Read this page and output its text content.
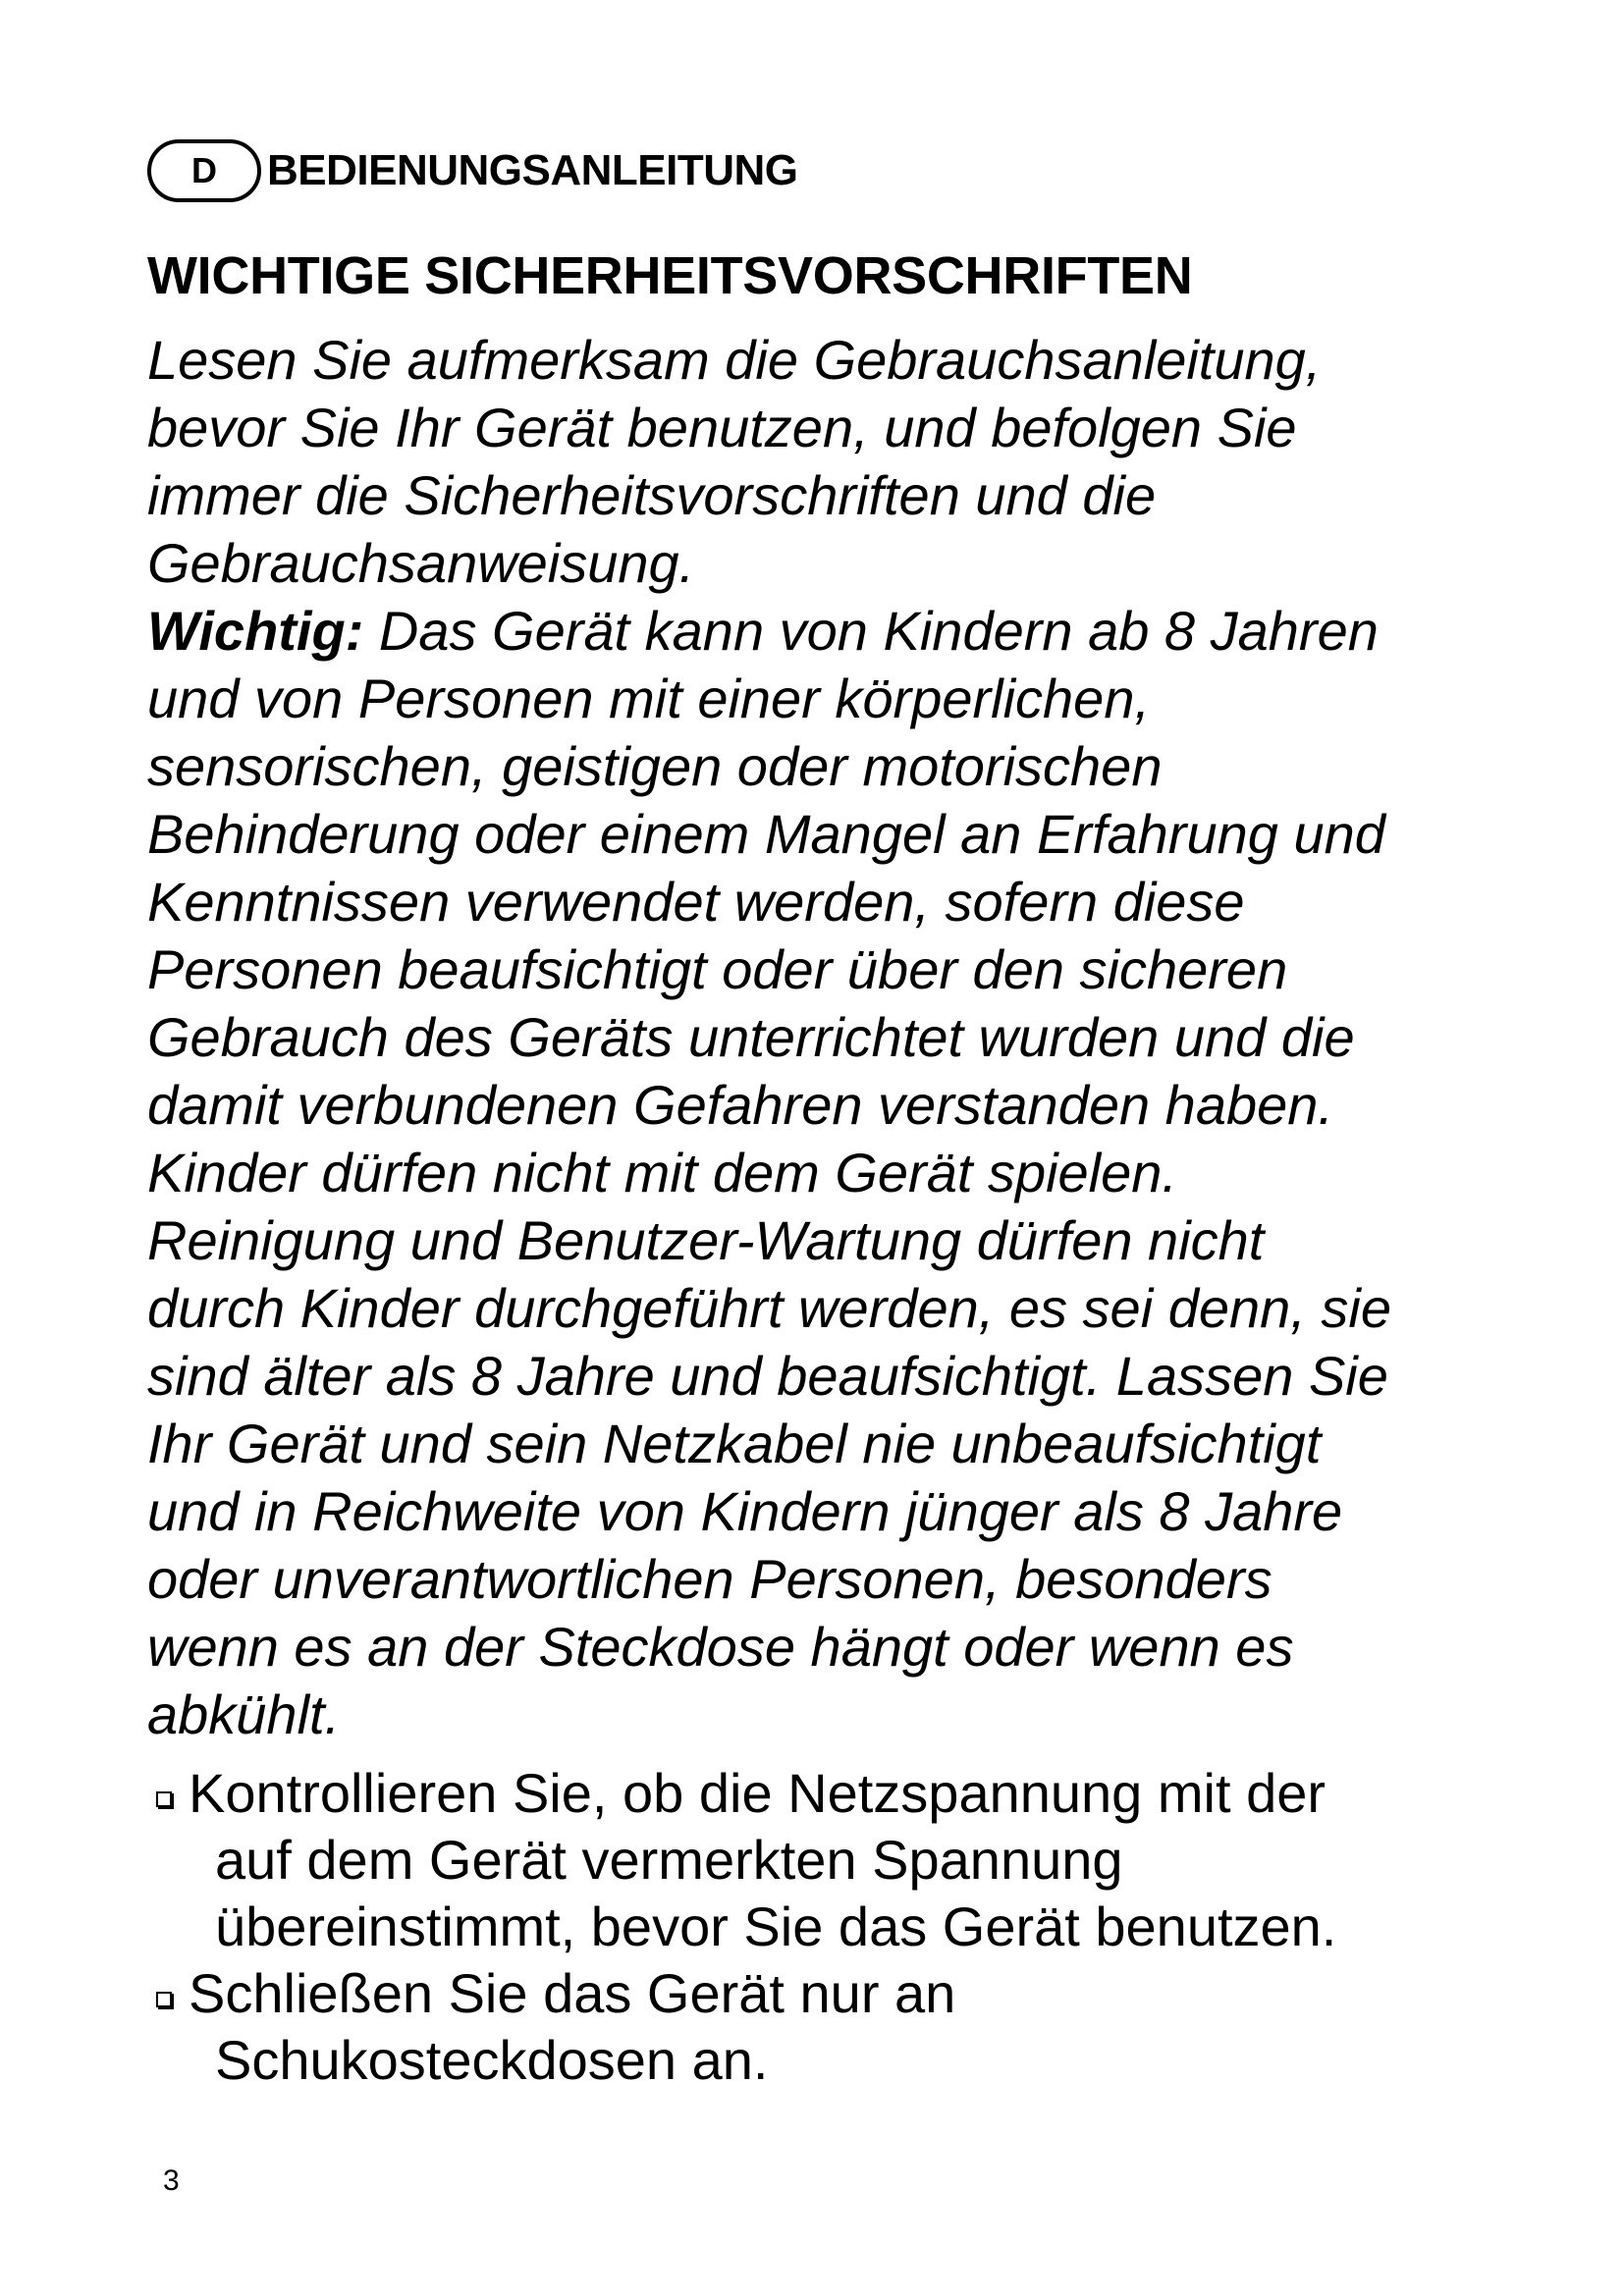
D	BEDIENUNGSANLEITUNG
WICHTIGE SICHERHEITSVORSCHRIFTEN

Lesen Sie aufmerksam die Gebrauchsanleitung,
bevor Sie Ihr Gerät benutzen, und befolgen Sie
immer die Sicherheitsvorschriften und die
Gebrauchsanweisung.

Wichtig: Das Gerät kann von Kindern ab 8 Jahren
und von Personen mit einer körperlichen,
sensorischen, geistigen oder motorischen
Behinderung oder einem Mangel an Erfahrung und
Kenntnissen verwendet werden, sofern diese
Personen beaufsichtigt oder über den sicheren
Gebrauch des Geräts unterrichtet wurden und die
damit verbundenen Gefahren verstanden haben.
Kinder dürfen nicht mit dem Gerät spielen.
Reinigung und Benutzer-Wartung dürfen nicht
durch Kinder durchgeführt werden, es sei denn, sie
sind älter als 8 Jahre und beaufsichtigt. Lassen Sie
Ihr Gerät und sein Netzkabel nie unbeaufsichtigt
und in Reichweite von Kindern jünger als 8 Jahre
oder unverantwortlichen Personen, besonders
wenn es an der Steckdose hängt oder wenn es
abkühlt.

Kontrollieren Sie, ob die Netzspannung mit der
auf dem Gerät vermerkten Spannung
übereinstimmt, bevor Sie das Gerät benutzen.
Schließen Sie das Gerät nur an
Schukosteckdosen an.
3
